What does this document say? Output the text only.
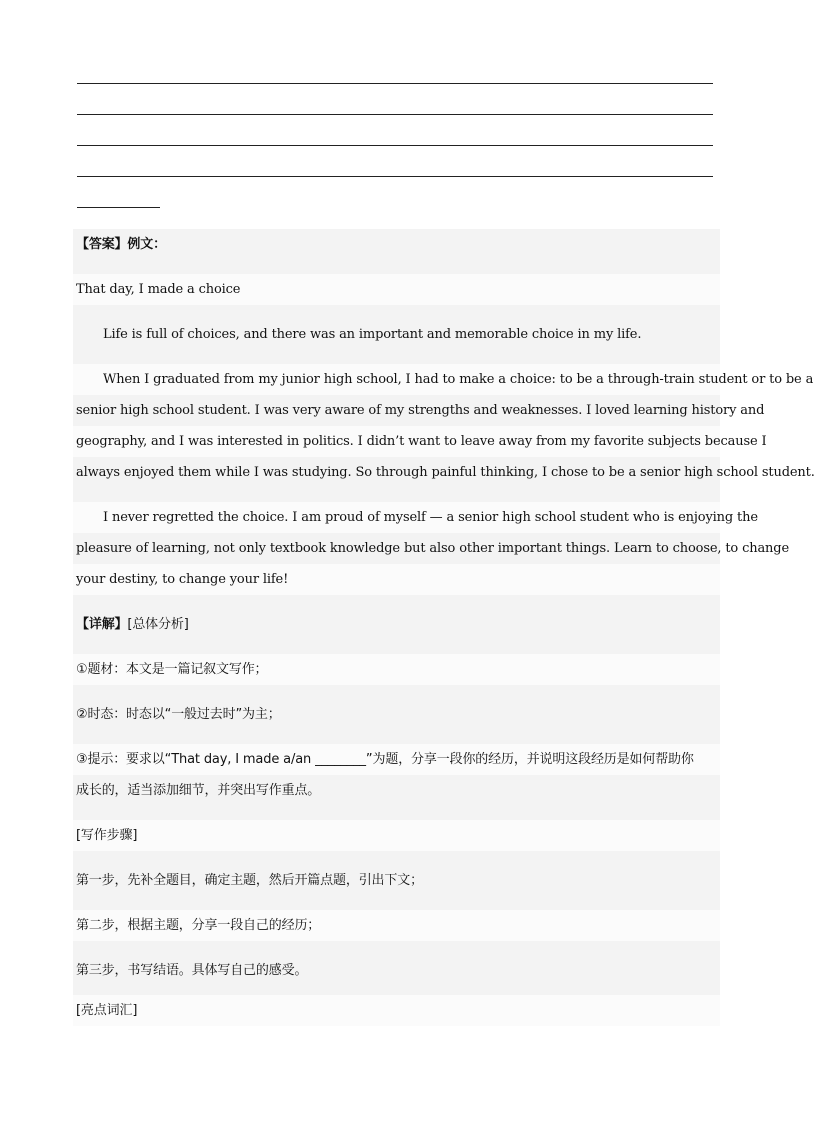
【答案】例文：
That day, I made a choice
Life is full of choices, and there was an important and memorable choice in my life.
When I graduated from my junior high school, I had to make a choice: to be a through-train student or to be a
senior high school student. I was very aware of my strengths and weaknesses. I loved learning history and
geography, and I was interested in politics. I didn’t want to leave away from my favorite subjects because I
always enjoyed them while I was studying. So through painful thinking, I chose to be a senior high school student.
I never regretted the choice. I am proud of myself — a senior high school student who is enjoying the
pleasure of learning, not only textbook knowledge but also other important things. Learn to choose, to change
your destiny, to change your life!
【详解】[总体分析]
①题材：本文是一篇记叙文写作；
②时态：时态以“一般过去时”为主；
③提示：要求以“That day, I made a/an ________”为题，分享一段你的经历，并说明这段经历是如何帮助你
成长的，适当添加细节，并突出写作重点。
[写作步骤]
第一步，先补全题目，确定主题，然后开篇点题，引出下文；
第二步，根据主题，分享一段自己的经历；
第三步，书写结语。具体写自己的感受。
[亮点词汇]
